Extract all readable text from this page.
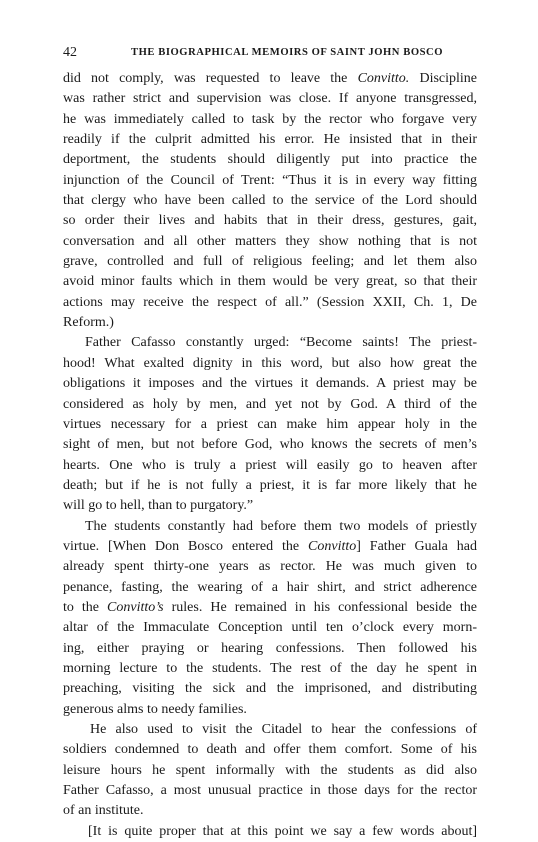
42	THE BIOGRAPHICAL MEMOIRS OF SAINT JOHN BOSCO
did not comply, was requested to leave the Convitto. Discipline
was rather strict and supervision was close. If anyone transgressed,
he was immediately called to task by the rector who forgave very
readily if the culprit admitted his error. He insisted that in their
deportment, the students should diligently put into practice the
injunction of the Council of Trent: “Thus it is in every way fitting
that clergy who have been called to the service of the Lord should
so order their lives and habits that in their dress, gestures, gait,
conversation and all other matters they show nothing that is not
grave, controlled and full of religious feeling; and let them also
avoid minor faults which in them would be very great, so that their
actions may receive the respect of all.” (Session XXII, Ch. 1, De
Reform.)
Father Cafasso constantly urged: “Become saints! The priest-
hood! What exalted dignity in this word, but also how great the
obligations it imposes and the virtues it demands. A priest may be
considered as holy by men, and yet not by God. A third of the
virtues necessary for a priest can make him appear holy in the
sight of men, but not before God, who knows the secrets of men’s
hearts. One who is truly a priest will easily go to heaven after
death; but if he is not fully a priest, it is far more likely that he
will go to hell, than to purgatory.”
The students constantly had before them two models of priestly
virtue. [When Don Bosco entered the Convitto] Father Guala had
already spent thirty-one years as rector. He was much given to
penance, fasting, the wearing of a hair shirt, and strict adherence
to the Convitto’s rules. He remained in his confessional beside the
altar of the Immaculate Conception until ten o’clock every morn-
ing, either praying or hearing confessions. Then followed his
morning lecture to the students. The rest of the day he spent in
preaching, visiting the sick and the imprisoned, and distributing
generous alms to needy families.
He also used to visit the Citadel to hear the confessions of
soldiers condemned to death and offer them comfort. Some of his
leisure hours he spent informally with the students as did also
Father Cafasso, a most unusual practice in those days for the rector
of an institute.
[It is quite proper that at this point we say a few words about]
